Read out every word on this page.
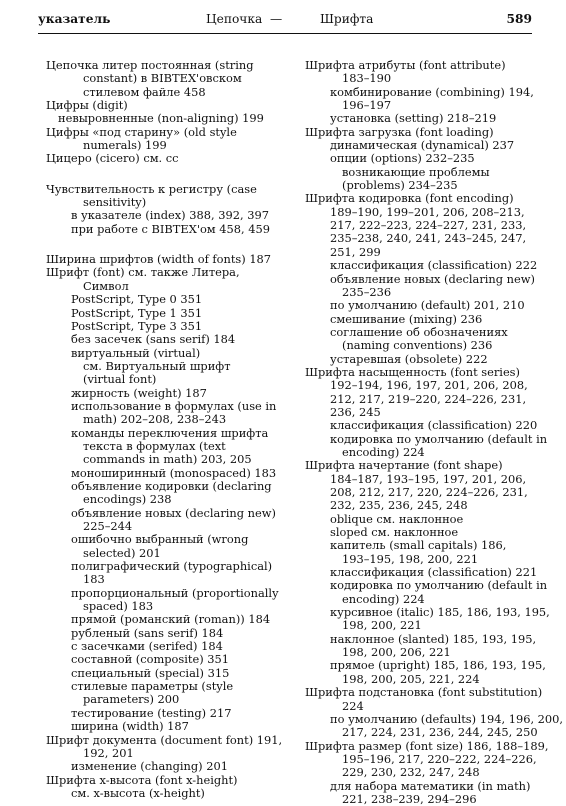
указатель	Цепочка —	Шрифта	589
Цепочка литер постоянная (string
constant) в BIBTEX'овском
стилевом файле 458
Цифры (digit)
невыровненные (non-aligning) 199
Цифры «под старину» (old style
numerals) 199
Цицеро (cicero) см. cc
Чувствительность к регистру (case
sensitivity)
в указателе (index) 388, 392, 397
при работе с BIBTEX'ом 458, 459
Ширина шрифтов (width of fonts) 187
Шрифт (font) см. также Литера,
Символ
PostScript, Type 0 351
PostScript, Type 1 351
PostScript, Type 3 351
без засечек (sans serif) 184
виртуальный (virtual)
см. Виртуальный шрифт
(virtual font)
жирность (weight) 187
использование в формулах (use in
math) 202–208, 238–243
команды переключения шрифта
текста в формулах (text
commands in math) 203, 205
моноширинный (monospaced) 183
объявление кодировки (declaring
encodings) 238
объявление новых (declaring new)
225–244
ошибочно выбранный (wrong
selected) 201
полиграфический (typographical)
183
пропорциональный (proportionally
spaced) 183
прямой (романский (roman)) 184
рубленый (sans serif) 184
с засечками (serifed) 184
составной (composite) 351
специальный (special) 315
стилевые параметры (style
parameters) 200
тестирование (testing) 217
ширина (width) 187
Шрифт документа (document font) 191,
192, 201
изменение (changing) 201
Шрифта x-высота (font x-height)
см. x-высота (x-height)
Шрифта атрибуты (font attribute)
183–190
комбинирование (combining) 194,
196–197
установка (setting) 218–219
Шрифта загрузка (font loading)
динамическая (dynamical) 237
опции (options) 232–235
возникающие проблемы
(problems) 234–235
Шрифта кодировка (font encoding)
189–190, 199–201, 206, 208–213,
217, 222–223, 224–227, 231, 233,
235–238, 240, 241, 243–245, 247,
251, 299
классификация (classification) 222
объявление новых (declaring new)
235–236
по умолчанию (default) 201, 210
смешивание (mixing) 236
соглашение об обозначениях
(naming conventions) 236
устаревшая (obsolete) 222
Шрифта насыщенность (font series)
192–194, 196, 197, 201, 206, 208,
212, 217, 219–220, 224–226, 231,
236, 245
классификация (classification) 220
кодировка по умолчанию (default in
encoding) 224
Шрифта начертание (font shape)
184–187, 193–195, 197, 201, 206,
208, 212, 217, 220, 224–226, 231,
232, 235, 236, 245, 248
oblique см. наклонное
sloped см. наклонное
капитель (small capitals) 186,
193–195, 198, 200, 221
классификация (classification) 221
кодировка по умолчанию (default in
encoding) 224
курсивное (italic) 185, 186, 193, 195,
198, 200, 221
наклонное (slanted) 185, 193, 195,
198, 200, 206, 221
прямое (upright) 185, 186, 193, 195,
198, 200, 205, 221, 224
Шрифта подстановка (font substitution)
224
по умолчанию (defaults) 194, 196, 200,
217, 224, 231, 236, 244, 245, 250
Шрифта размер (font size) 186, 188–189,
195–196, 217, 220–222, 224–226,
229, 230, 232, 247, 248
для набора математики (in math)
221, 238–239, 294–296
